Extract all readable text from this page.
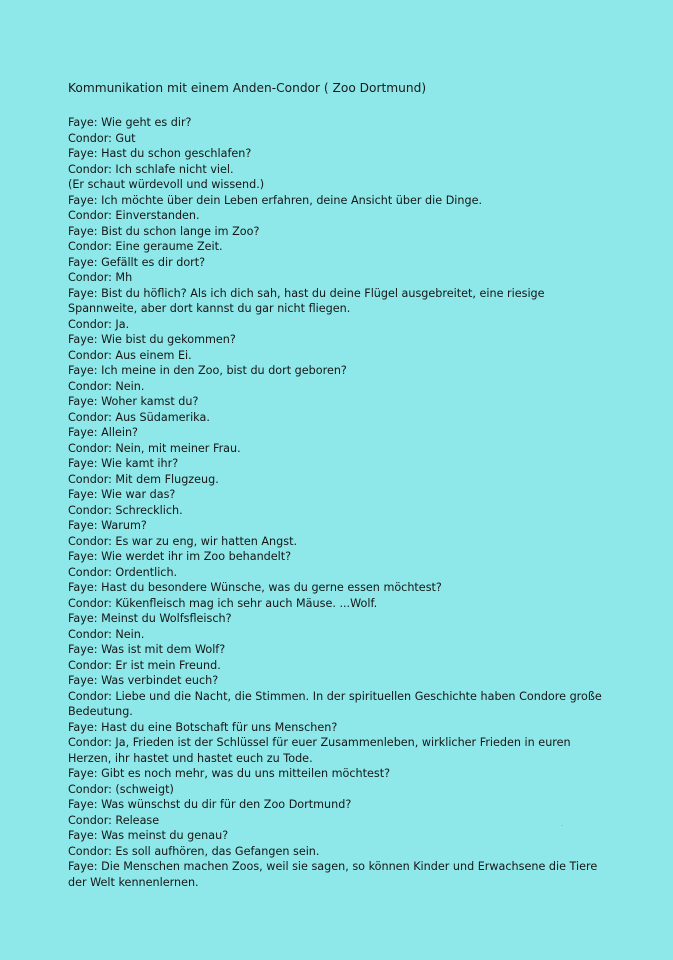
Kommunikation mit einem Anden-Condor ( Zoo Dortmund)
Faye: Wie geht es dir?
Condor: Gut
Faye: Hast du schon geschlafen?
Condor: Ich schlafe nicht viel.
(Er schaut würdevoll und wissend.)
Faye: Ich möchte über dein Leben erfahren, deine Ansicht über die Dinge.
Condor: Einverstanden.
Faye: Bist du schon lange im Zoo?
Condor: Eine geraume Zeit.
Faye: Gefällt es dir dort?
Condor: Mh
Faye: Bist du höflich? Als ich dich sah, hast du deine Flügel ausgebreitet, eine riesige Spannweite, aber dort kannst du gar nicht fliegen.
Condor: Ja.
Faye: Wie bist du gekommen?
Condor: Aus einem Ei.
Faye: Ich meine in den Zoo, bist du dort geboren?
Condor: Nein.
Faye: Woher kamst du?
Condor: Aus Südamerika.
Faye: Allein?
Condor: Nein, mit meiner Frau.
Faye: Wie kamt ihr?
Condor: Mit dem Flugzeug.
Faye: Wie war das?
Condor: Schrecklich.
Faye: Warum?
Condor: Es war zu eng, wir hatten Angst.
Faye: Wie werdet ihr im Zoo behandelt?
Condor: Ordentlich.
Faye: Hast du besondere Wünsche, was du gerne essen möchtest?
Condor: Kükenfleisch mag ich sehr auch Mäuse. ...Wolf.
Faye: Meinst du Wolfsfleisch?
Condor: Nein.
Faye: Was ist mit dem Wolf?
Condor: Er ist mein Freund.
Faye: Was verbindet euch?
Condor: Liebe und die Nacht, die Stimmen. In der spirituellen Geschichte haben Condore große Bedeutung.
Faye: Hast du eine Botschaft für uns Menschen?
Condor: Ja, Frieden ist der Schlüssel für euer Zusammenleben, wirklicher Frieden in euren Herzen, ihr hastet und hastet euch zu Tode.
Faye: Gibt es noch mehr, was du uns mitteilen möchtest?
Condor: (schweigt)
Faye: Was wünschst du dir für den Zoo Dortmund?
Condor: Release
Faye: Was meinst du genau?
Condor: Es soll aufhören, das Gefangen sein.
Faye: Die Menschen machen Zoos, weil sie sagen, so können Kinder und Erwachsene die Tiere der Welt kennenlernen.
